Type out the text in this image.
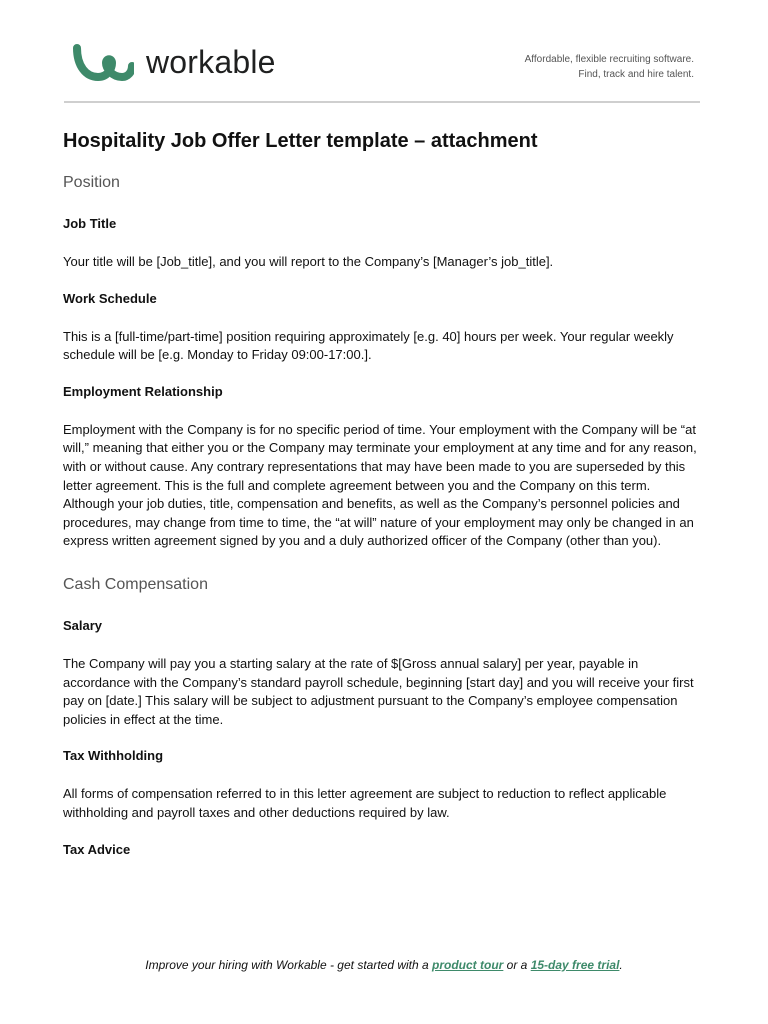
workable	Affordable, flexible recruiting software.
Find, track and hire talent.
Hospitality Job Offer Letter template – attachment
Position
Job Title

Your title will be [Job_title], and you will report to the Company’s [Manager’s job_title].

Work Schedule

This is a [full-time/part-time] position requiring approximately [e.g. 40] hours per week. Your regular weekly schedule will be [e.g. Monday to Friday 09:00-17:00.].

Employment Relationship

Employment with the Company is for no specific period of time. Your employment with the Company will be “at will,” meaning that either you or the Company may terminate your employment at any time and for any reason, with or without cause. Any contrary representations that may have been made to you are superseded by this letter agreement. This is the full and complete agreement between you and the Company on this term. Although your job duties, title, compensation and benefits, as well as the Company’s personnel policies and procedures, may change from time to time, the “at will” nature of your employment may only be changed in an express written agreement signed by you and a duly authorized officer of the Company (other than you).

Cash Compensation
Salary

The Company will pay you a starting salary at the rate of $[Gross annual salary] per year, payable in accordance with the Company’s standard payroll schedule, beginning [start day] and you will receive your first pay on [date.] This salary will be subject to adjustment pursuant to the Company’s employee compensation policies in effect at the time.

Tax Withholding

All forms of compensation referred to in this letter agreement are subject to reduction to reflect applicable withholding and payroll taxes and other deductions required by law.

Tax Advice
Improve your hiring with Workable - get started with a product tour or a 15-day free trial.
